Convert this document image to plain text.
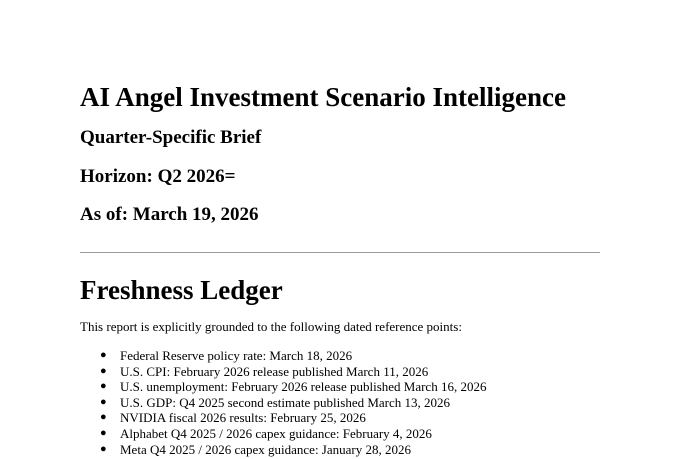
AI Angel Investment Scenario Intelligence
Quarter-Specific Brief
Horizon: Q2 2026=
As of: March 19, 2026
Freshness Ledger

This report is explicitly grounded to the following dated reference points:

● Federal Reserve policy rate: March 18, 2026
● U.S. CPI: February 2026 release published March 11, 2026
● U.S. unemployment: February 2026 release published March 16, 2026
● U.S. GDP: Q4 2025 second estimate published March 13, 2026
● NVIDIA fiscal 2026 results: February 25, 2026
● Alphabet Q4 2025 / 2026 capex guidance: February 4, 2026
● Meta Q4 2025 / 2026 capex guidance: January 28, 2026
